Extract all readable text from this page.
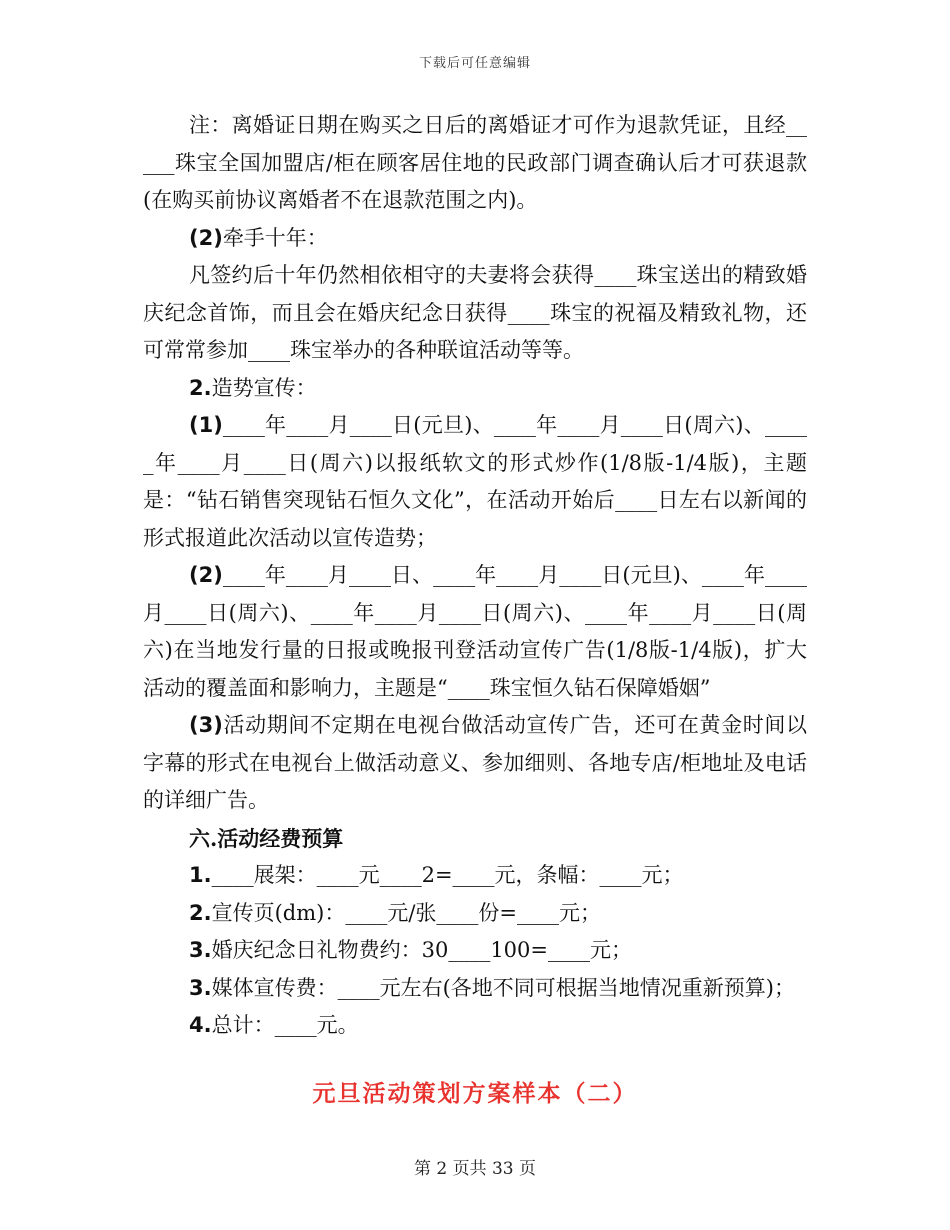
下载后可任意编辑

注：离婚证日期在购买之日后的离婚证才可作为退款凭证，且经_____珠宝全国加盟店/柜在顾客居住地的民政部门调查确认后才可获退款(在购买前协议离婚者不在退款范围之内)。

(2)牵手十年：

凡签约后十年仍然相依相守的夫妻将会获得____珠宝送出的精致婚庆纪念首饰，而且会在婚庆纪念日获得____珠宝的祝福及精致礼物，还可常常参加____珠宝举办的各种联谊活动等等。

2.造势宣传：

(1)____年____月____日(元旦)、____年____月____日(周六)、_____年____月____日(周六)以报纸软文的形式炒作(1/8版-1/4版)，主题是：“钻石销售突现钻石恒久文化”，在活动开始后____日左右以新闻的形式报道此次活动以宣传造势；

(2)____年____月____日、____年____月____日(元旦)、____年____月____日(周六)、____年____月____日(周六)、____年____月____日(周六)在当地发行量的日报或晚报刊登活动宣传广告(1/8版-1/4版)，扩大活动的覆盖面和影响力，主题是“____珠宝恒久钻石保障婚姻”

(3)活动期间不定期在电视台做活动宣传广告，还可在黄金时间以字幕的形式在电视台上做活动意义、参加细则、各地专店/柜地址及电话的详细广告。

六.活动经费预算

1.____展架：____元____2=____元，条幅：____元；

2.宣传页(dm)：____元/张____份=____元；

3.婚庆纪念日礼物费约：30____100=____元；

3.媒体宣传费：____元左右(各地不同可根据当地情况重新预算)；

4.总计：____元。

元旦活动策划方案样本（二）
第 2 页共 33 页
